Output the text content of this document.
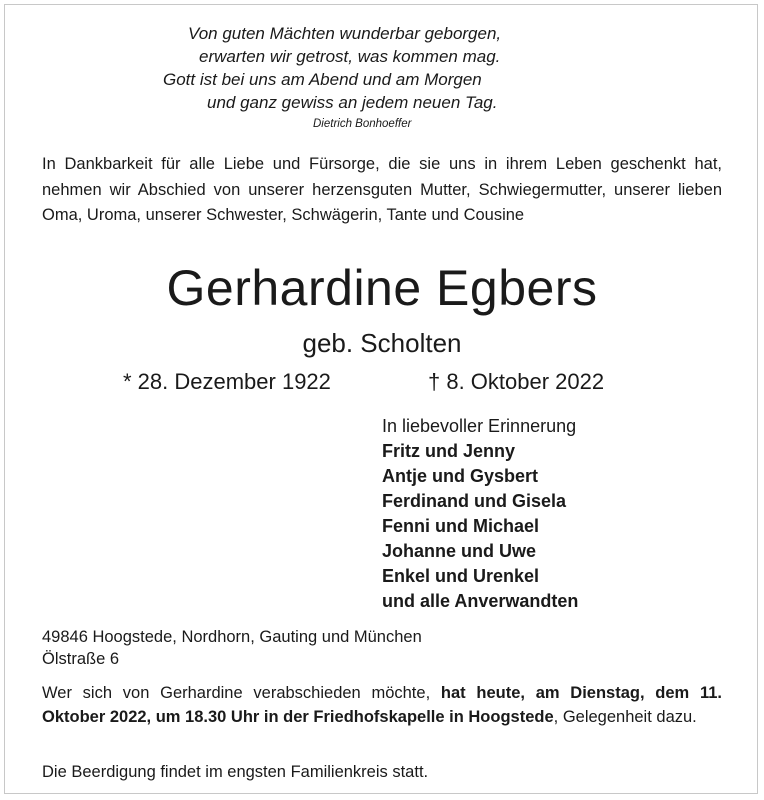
Von guten Mächten wunderbar geborgen,
erwarten wir getrost, was kommen mag.
Gott ist bei uns am Abend und am Morgen
und ganz gewiss an jedem neuen Tag.
Dietrich Bonhoeffer

In Dankbarkeit für alle Liebe und Fürsorge, die sie uns in ihrem Leben geschenkt hat, nehmen wir Abschied von unserer herzensguten Mutter, Schwiegermutter, unserer lieben Oma, Uroma, unserer Schwester, Schwägerin, Tante und Cousine

Gerhardine Egbers
geb. Scholten
* 28. Dezember 1922	† 8. Oktober 2022
In liebevoller Erinnerung
Fritz und Jenny
Antje und Gysbert
Ferdinand und Gisela
Fenni und Michael
Johanne und Uwe
Enkel und Urenkel
und alle Anverwandten
49846 Hoogstede, Nordhorn, Gauting und München
Ölstraße 6

Wer sich von Gerhardine verabschieden möchte, hat heute, am Dienstag, dem 11. Oktober 2022, um 18.30 Uhr in der Friedhofskapelle in Hoogstede, Gelegenheit dazu.

Die Beerdigung findet im engsten Familienkreis statt.
